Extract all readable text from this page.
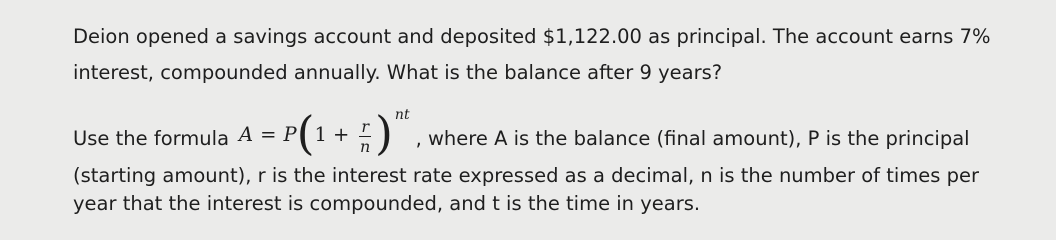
Deion opened a savings account and deposited $1,122.00 as principal. The account earns 7%
interest, compounded annually. What is the balance after 9 years?
Use the formula A = P ( $1 + \frac{r}{n}$ ) nt
, where A is the balance (final amount), P is the principal
(starting amount), r is the interest rate expressed as a decimal, n is the number of times per
year that the interest is compounded, and t is the time in years.
